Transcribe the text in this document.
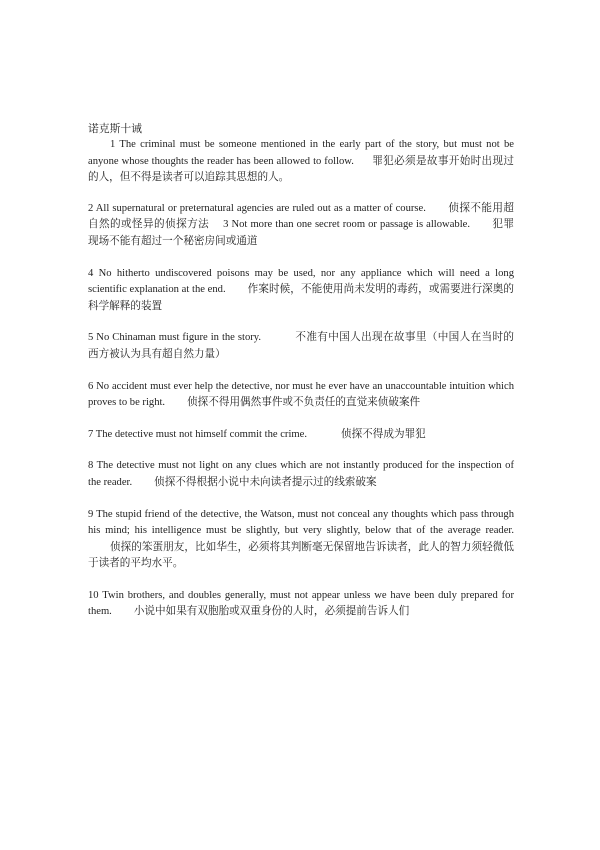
诺克斯十诫

1 The criminal must be someone mentioned in the early part of the story, but must not be anyone whose thoughts the reader has been allowed to follow. 罪犯必须是故事开始时出现过的人，但不得是读者可以追踪其思想的人。

2 All supernatural or preternatural agencies are ruled out as a matter of course. 侦探不能用超自然的或怪异的侦探方法 3 Not more than one secret room or passage is allowable. 犯罪现场不能有超过一个秘密房间或通道

4 No hitherto undiscovered poisons may be used, nor any appliance which will need a long scientific explanation at the end. 作案时候，不能使用尚未发明的毒药，或需要进行深奥的科学解释的装置

5 No Chinaman must figure in the story.	不准有中国人出现在故事里（中国人在当时的西方被认为具有超自然力量）

6 No accident must ever help the detective, nor must he ever have an unaccountable intuition which proves to be right. 侦探不得用偶然事件或不负责任的直觉来侦破案件

7 The detective must not himself commit the crime.	侦探不得成为罪犯

8 The detective must not light on any clues which are not instantly produced for the inspection of the reader. 侦探不得根据小说中未向读者提示过的线索破案

9 The stupid friend of the detective, the Watson, must not conceal any thoughts which pass through his mind; his intelligence must be slightly, but very slightly, below that of the average reader.侦探的笨蛋朋友，比如华生，必须将其判断毫无保留地告诉读者，此人的智力须轻微低于读者的平均水平。

10 Twin brothers, and doubles generally, must not appear unless we have been duly prepared for them. 小说中如果有双胞胎或双重身份的人时，必须提前告诉人们
